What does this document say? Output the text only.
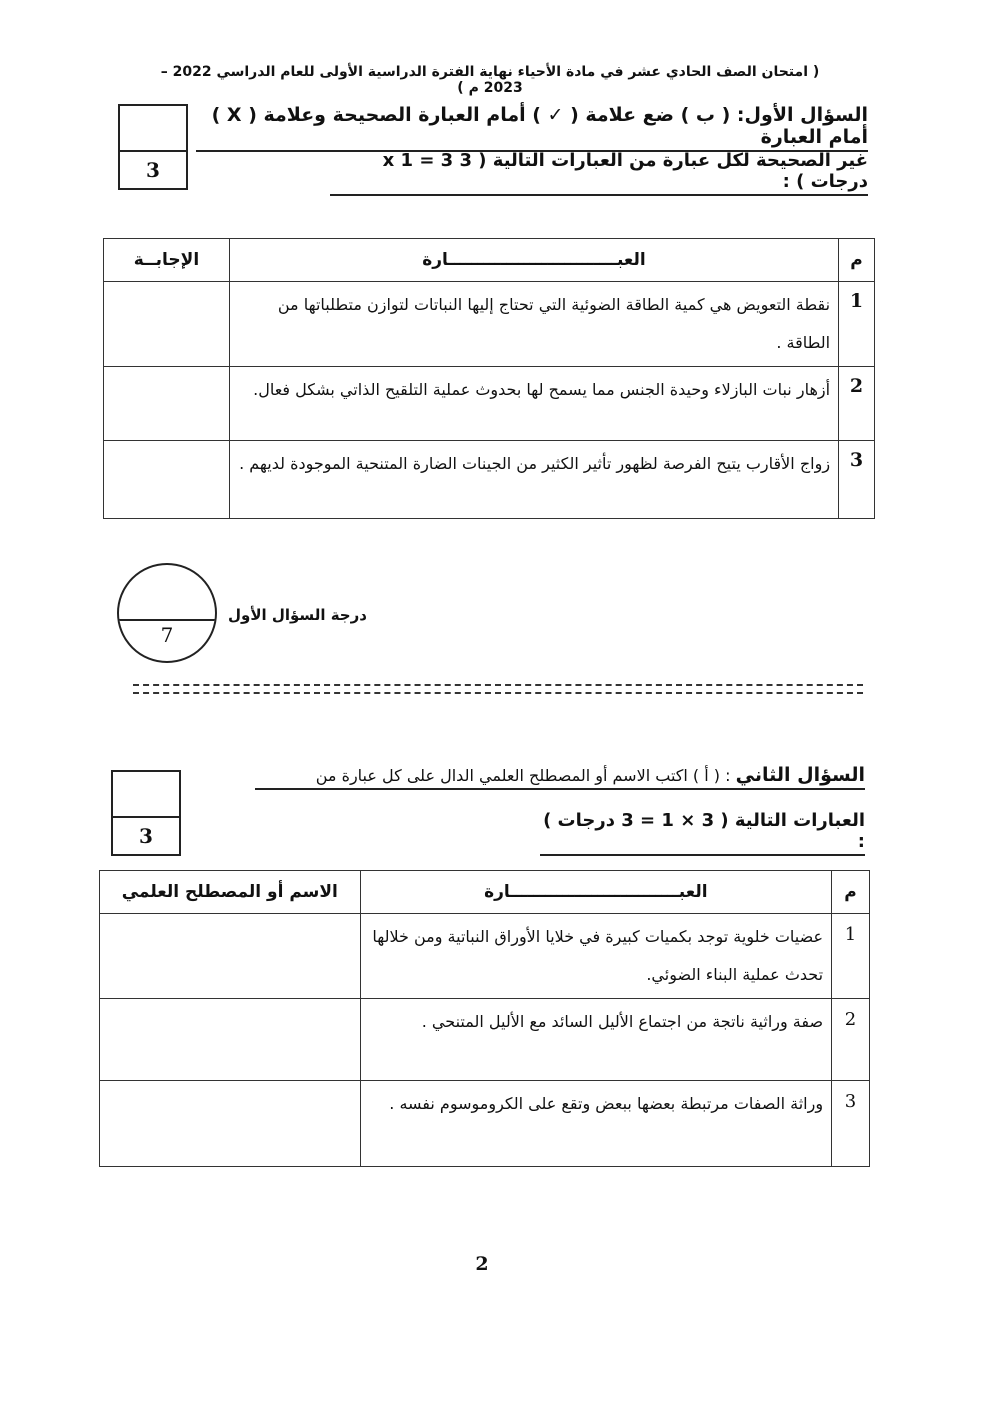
( امتحان الصف الحادي عشر في مادة الأحياء نهاية الفترة الدراسية الأولى للعام الدراسي 2022 – 2023 م )
السؤال الأول: ( ب ) ضع علامة ( ✓ ) أمام العبارة الصحيحة وعلامة ( X ) أمام العبارة
غير الصحيحة لكل عبارة من العبارات التالية ( 3 x 1 = 3 درجات ) :
3
م	العبـــــــــــــــــــــــــــــارة	الإجابــة
1	نقطة التعويض هي كمية الطاقة الضوئية التي تحتاج إليها النباتات لتوازن متطلباتها من الطاقة .	
2	أزهار نبات البازلاء وحيدة الجنس مما يسمح لها بحدوث عملية التلقيح الذاتي بشكل فعال.	
3	زواج الأقارب يتيح الفرصة لظهور تأثير الكثير من الجينات الضارة المتنحية الموجودة لديهم .	
7
درجة السؤال الأول
السؤال الثاني : ( أ ) اكتب الاسم أو المصطلح العلمي الدال على كل عبارة من
العبارات التالية ( 3 × 1 = 3 درجات ) :
3
م	العبـــــــــــــــــــــــــــــارة	الاسم أو المصطلح العلمي
1	عضيات خلوية توجد بكميات كبيرة في خلايا الأوراق النباتية ومن خلالها تحدث عملية البناء الضوئي.	
2	صفة وراثية ناتجة من اجتماع الأليل السائد مع الأليل المتنحي .	
3	وراثة الصفات مرتبطة بعضها ببعض وتقع على الكروموسوم نفسه .	
2
